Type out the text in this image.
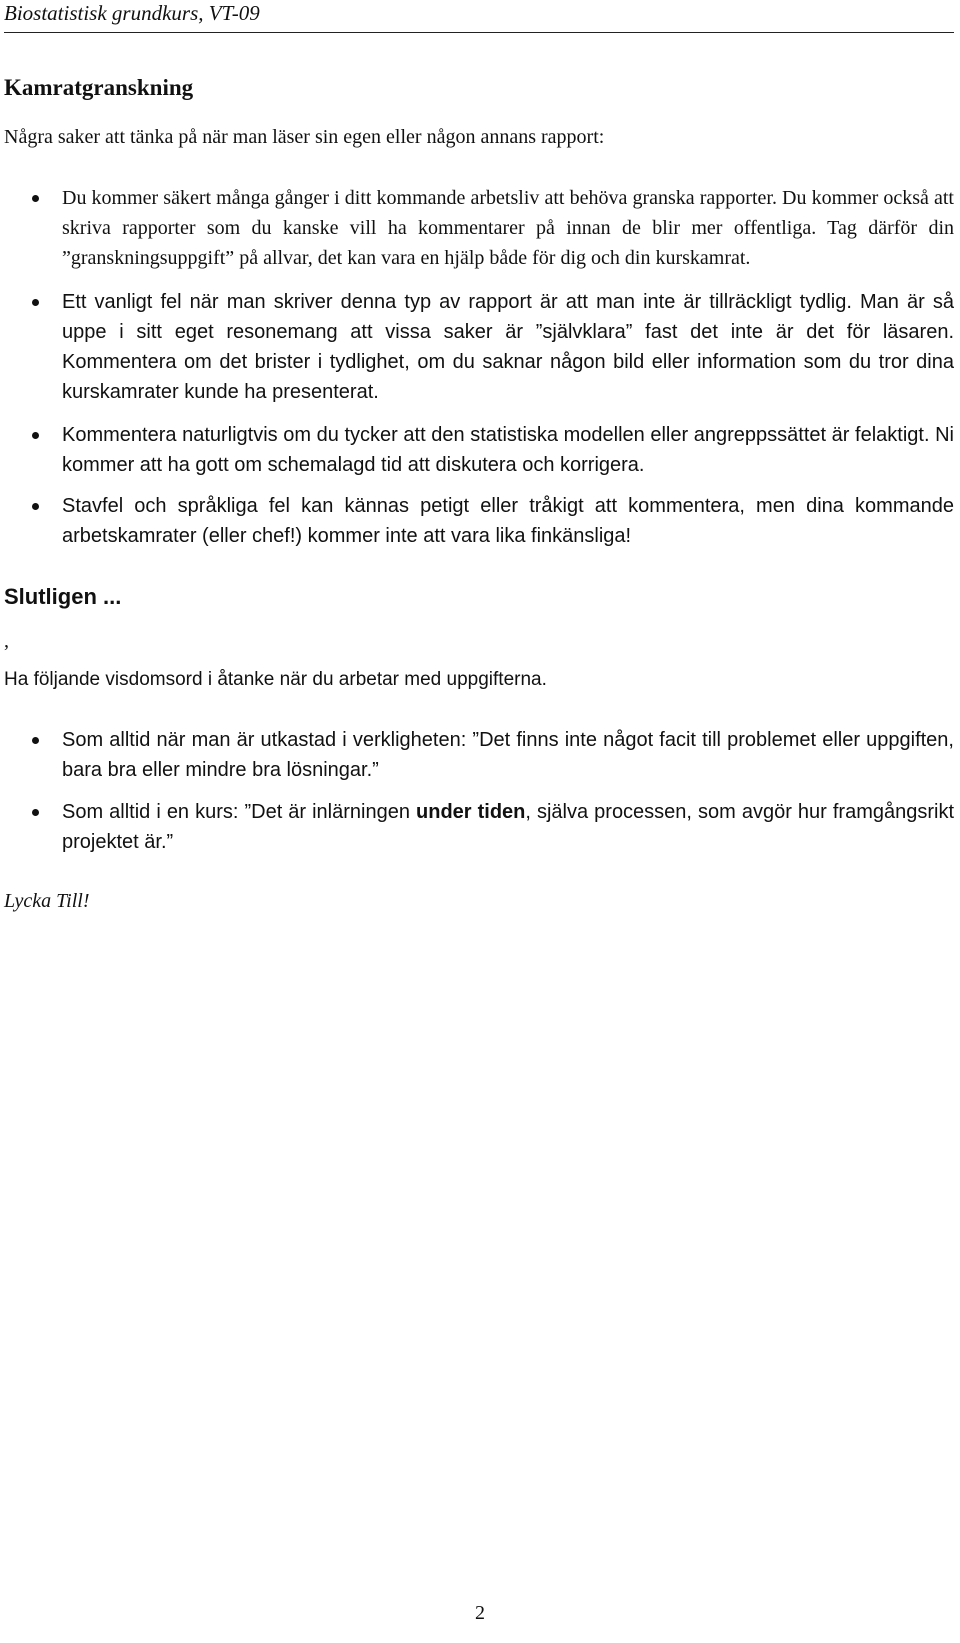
Biostatistisk grundkurs, VT-09
Kamratgranskning

Några saker att tänka på när man läser sin egen eller någon annans rapport:

Du kommer säkert många gånger i ditt kommande arbetsliv att behöva granska rapporter. Du kommer också att skriva rapporter som du kanske vill ha kommentarer på innan de blir mer offentliga. Tag därför din ”granskningsuppgift” på allvar, det kan vara en hjälp både för dig och din kurskamrat.
Ett vanligt fel när man skriver denna typ av rapport är att man inte är tillräckligt tydlig. Man är så uppe i sitt eget resonemang att vissa saker är ”självklara” fast det inte är det för läsaren. Kommentera om det brister i tydlighet, om du saknar någon bild eller information som du tror dina kurskamrater kunde ha presenterat.
Kommentera naturligtvis om du tycker att den statistiska modellen eller angreppssättet är felaktigt. Ni kommer att ha gott om schemalagd tid att diskutera och korrigera.
Stavfel och språkliga fel kan kännas petigt eller tråkigt att kommentera, men dina kommande arbetskamrater (eller chef!) kommer inte att vara lika finkänsliga!
Slutligen ...

,

Ha följande visdomsord i åtanke när du arbetar med uppgifterna.

Som alltid när man är utkastad i verkligheten: ”Det finns inte något facit till problemet eller uppgiften, bara bra eller mindre bra lösningar.”
Som alltid i en kurs: ”Det är inlärningen under tiden, själva processen, som avgör hur framgångsrikt projektet är.”
Lycka Till!
2
